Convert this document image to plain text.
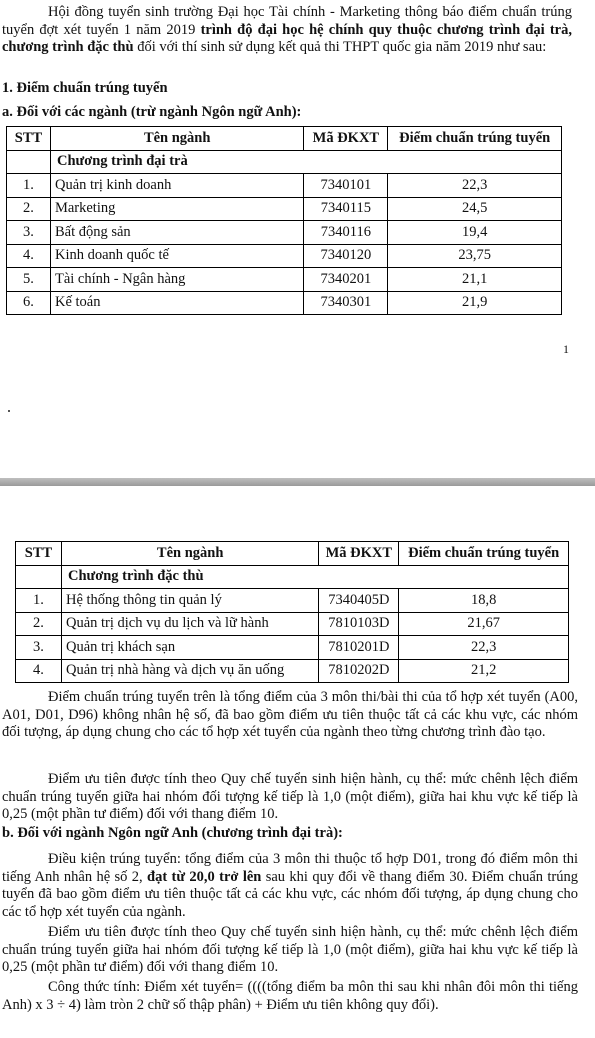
Hội đồng tuyển sinh trường Đại học Tài chính - Marketing thông báo điểm chuẩn trúng tuyển đợt xét tuyển 1 năm 2019 trình độ đại học hệ chính quy thuộc chương trình đại trà, chương trình đặc thù đối với thí sinh sử dụng kết quả thi THPT quốc gia năm 2019 như sau:

1. Điểm chuẩn trúng tuyển
a. Đối với các ngành (trừ ngành Ngôn ngữ Anh):
STT	Tên ngành	Mã ĐKXT	Điểm chuẩn trúng tuyển
	Chương trình đại trà		
1.	Quản trị kinh doanh	7340101	22,3
2.	Marketing	7340115	24,5
3.	Bất động sản	7340116	19,4
4.	Kinh doanh quốc tế	7340120	23,75
5.	Tài chính - Ngân hàng	7340201	21,1
6.	Kế toán	7340301	21,9
1
STT	Tên ngành	Mã ĐKXT	Điểm chuẩn trúng tuyển
	Chương trình đặc thù		
1.	Hệ thống thông tin quản lý	7340405D	18,8
2.	Quản trị dịch vụ du lịch và lữ hành	7810103D	21,67
3.	Quản trị khách sạn	7810201D	22,3
4.	Quản trị nhà hàng và dịch vụ ăn uống	7810202D	21,2

Điểm chuẩn trúng tuyển trên là tổng điểm của 3 môn thi/bài thi của tổ hợp xét tuyển (A00, A01, D01, D96) không nhân hệ số, đã bao gồm điểm ưu tiên thuộc tất cả các khu vực, các nhóm đối tượng, áp dụng chung cho các tổ hợp xét tuyển của ngành theo từng chương trình đào tạo.

Điểm ưu tiên được tính theo Quy chế tuyển sinh hiện hành, cụ thể: mức chênh lệch điểm chuẩn trúng tuyển giữa hai nhóm đối tượng kế tiếp là 1,0 (một điểm), giữa hai khu vực kế tiếp là 0,25 (một phần tư điểm) đối với thang điểm 10.

b. Đối với ngành Ngôn ngữ Anh (chương trình đại trà):

Điều kiện trúng tuyển: tổng điểm của 3 môn thi thuộc tổ hợp D01, trong đó điểm môn thi tiếng Anh nhân hệ số 2, đạt từ 20,0 trở lên sau khi quy đổi về thang điểm 30. Điểm chuẩn trúng tuyển đã bao gồm điểm ưu tiên thuộc tất cả các khu vực, các nhóm đối tượng, áp dụng chung cho các tổ hợp xét tuyển của ngành.

Điểm ưu tiên được tính theo Quy chế tuyển sinh hiện hành, cụ thể: mức chênh lệch điểm chuẩn trúng tuyển giữa hai nhóm đối tượng kế tiếp là 1,0 (một điểm), giữa hai khu vực kế tiếp là 0,25 (một phần tư điểm) đối với thang điểm 10.

Công thức tính: Điểm xét tuyển= ((((tổng điểm ba môn thi sau khi nhân đôi môn thi tiếng Anh) x 3 ÷ 4) làm tròn 2 chữ số thập phân) + Điểm ưu tiên không quy đổi).
